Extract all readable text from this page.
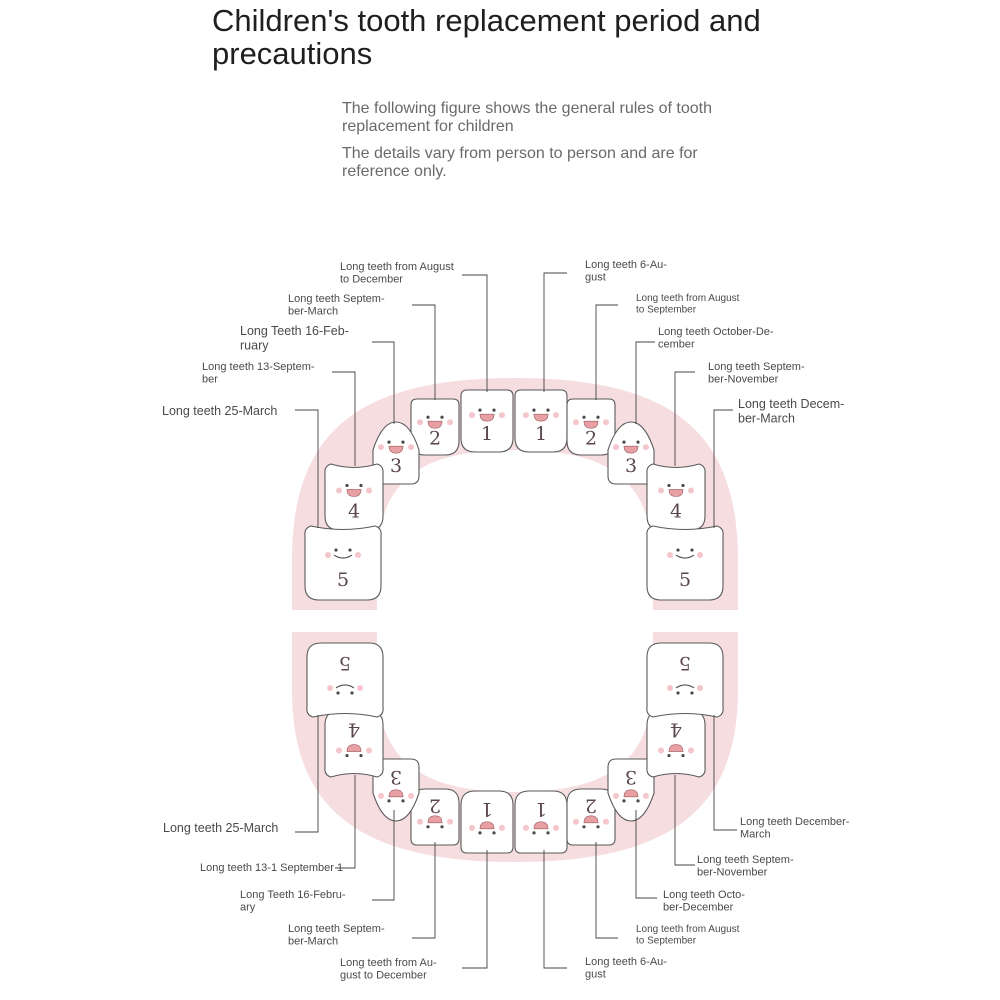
Children's tooth replacement period and precautions

The following figure shows the general rules of tooth replacement for children

The details vary from person to person and are for reference only.

1 1
1 1
2	2
2	2
3	3
3	3
4	4
4	4
5	5
5	5
Long teeth from August to December
Long teeth Septem-ber-March
Long Teeth 16-Feb-ruary
Long teeth 13-Septem-ber
Long teeth 25-March
Long teeth 6-Au-gust
Long teeth from August to September
Long teeth October-De-cember
Long teeth Septem-ber-November
Long teeth Decem-ber-March
Long teeth 25-March
Long teeth 13-1 September 1
Long Teeth 16-Febru-ary
Long teeth Septem-ber-March
Long teeth from Au-gust to December
Long teeth December-March
Long teeth Septem-ber-November
Long teeth Octo-ber-December
Long teeth from August to September
Long teeth 6-Au-gust
